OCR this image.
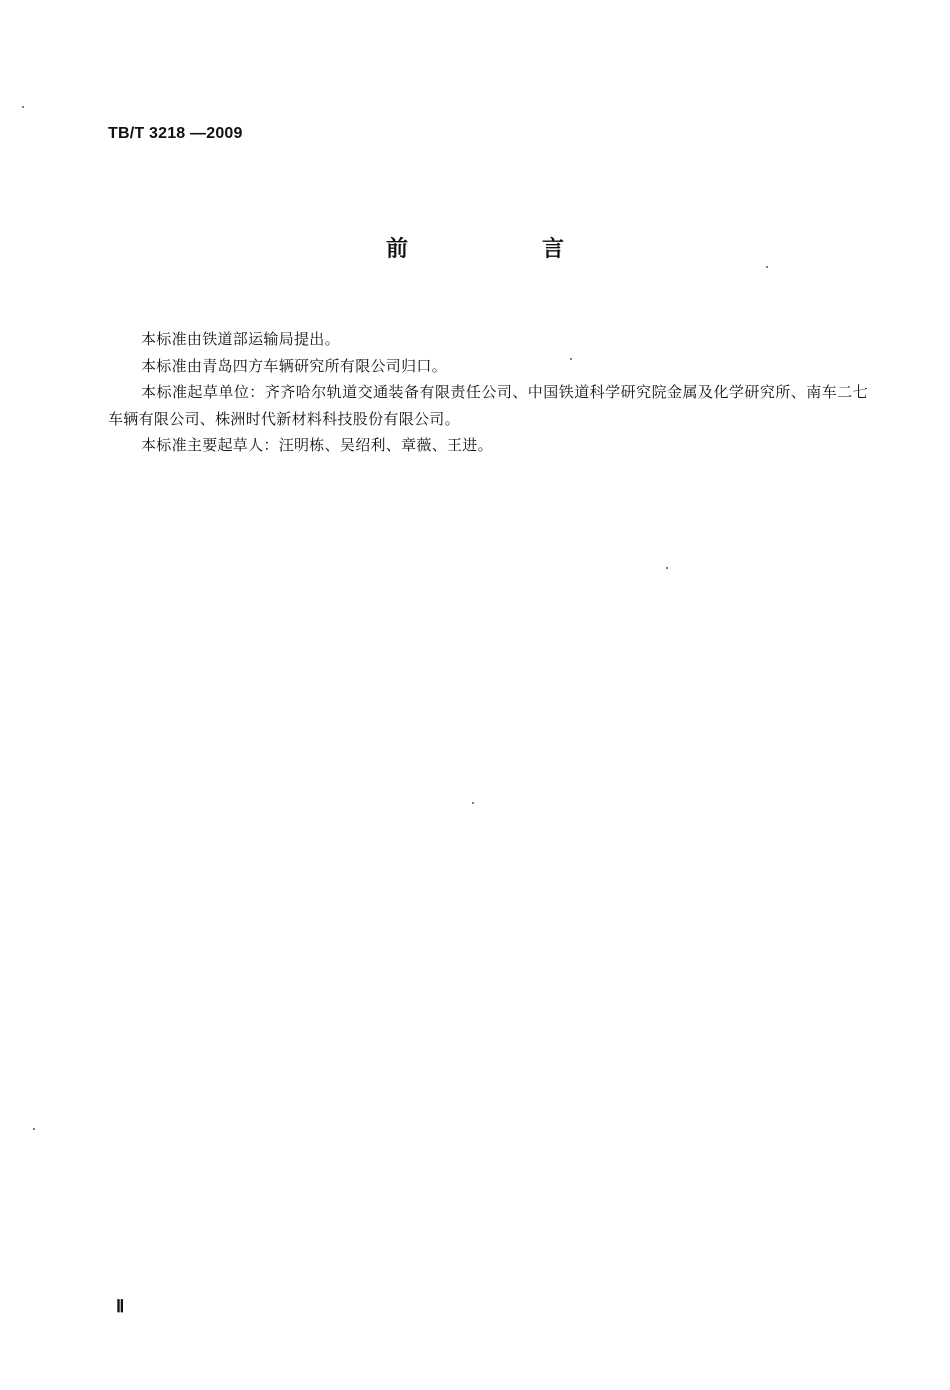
TB/T 3218 —2009
前　言

本标准由铁道部运输局提出。

本标准由青岛四方车辆研究所有限公司归口。

本标准起草单位：齐齐哈尔轨道交通装备有限责任公司、中国铁道科学研究院金属及化学研究所、南车二七车辆有限公司、株洲时代新材料科技股份有限公司。

本标准主要起草人：汪明栋、吴绍利、章薇、王进。

Ⅱ
